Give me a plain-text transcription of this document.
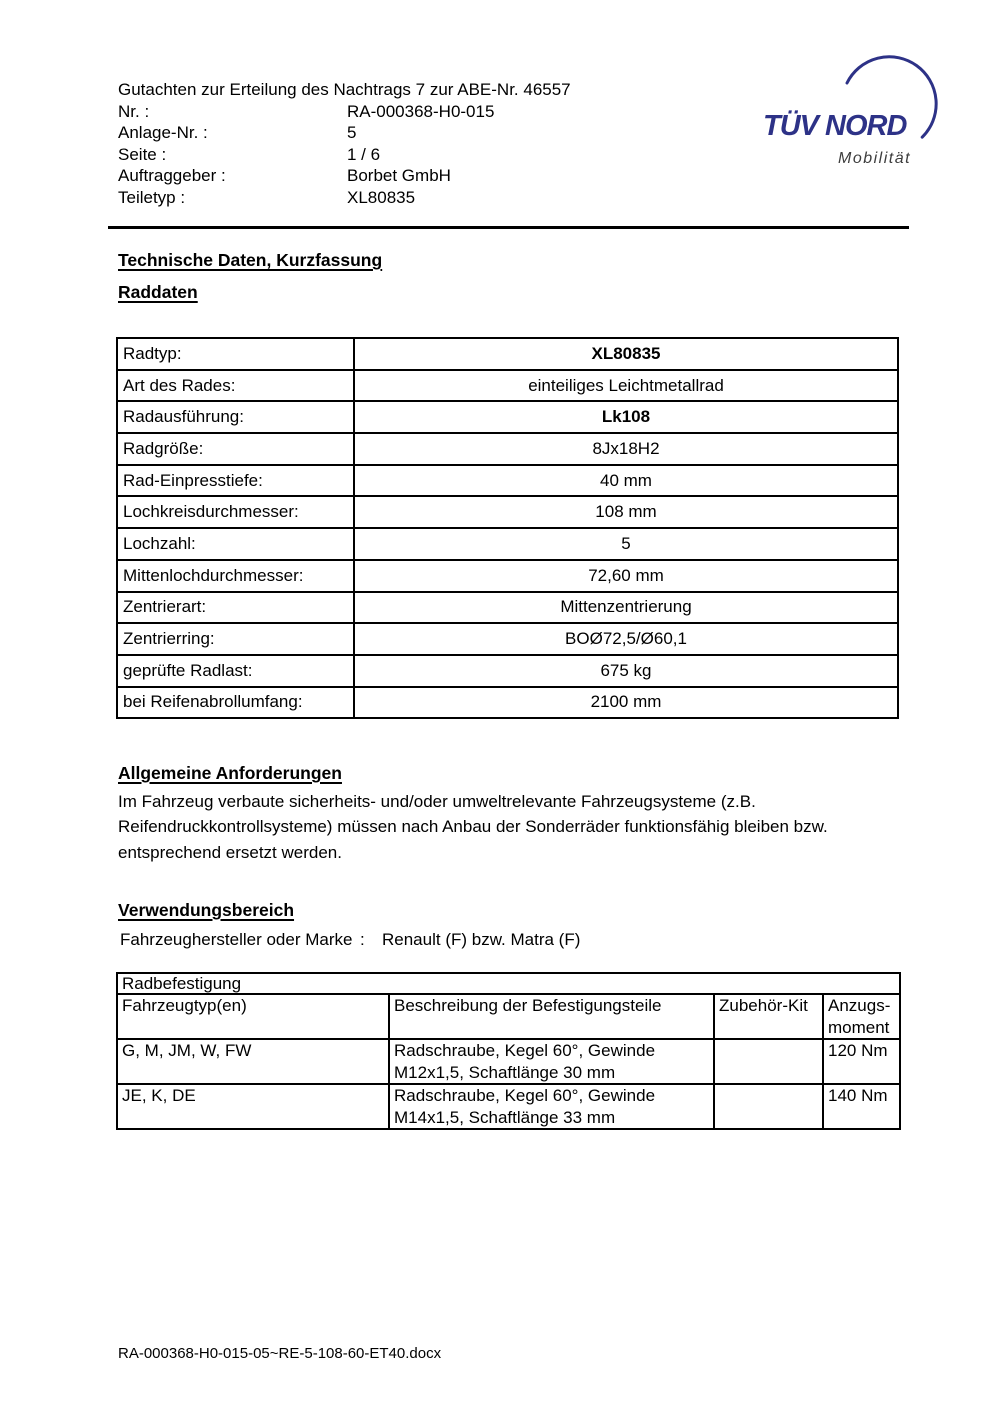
Gutachten zur Erteilung des Nachtrags 7 zur ABE-Nr. 46557
Nr. :	RA-000368-H0-015
Anlage-Nr. :	5
Seite :	1 / 6
Auftraggeber :	Borbet GmbH
Teiletyp :	XL80835
TÜV NORD
Mobilität
Technische Daten, Kurzfassung
Raddaten
Radtyp:	XL80835
Art des Rades:	einteiliges Leichtmetallrad
Radausführung:	Lk108
Radgröße:	8Jx18H2
Rad-Einpresstiefe:	40 mm
Lochkreisdurchmesser:	108 mm
Lochzahl:	5
Mittenlochdurchmesser:	72,60 mm
Zentrierart:	Mittenzentrierung
Zentrierring:	BOØ72,5/Ø60,1
geprüfte Radlast:	675 kg
bei Reifenabrollumfang:	2100 mm
Allgemeine Anforderungen
Im Fahrzeug verbaute sicherheits- und/oder umweltrelevante Fahrzeugsysteme (z.B. Reifendruckkontrollsysteme) müssen nach Anbau der Sonderräder funktionsfähig bleiben bzw. entsprechend ersetzt werden.
Verwendungsbereich
Fahrzeughersteller oder Marke : Renault (F) bzw. Matra (F)
Radbefestigung			
Fahrzeugtyp(en)	Beschreibung der Befestigungsteile	Zubehör-Kit	Anzugs-moment
G, M, JM, W, FW	Radschraube, Kegel 60°, Gewinde M12x1,5, Schaftlänge 30 mm		120 Nm
JE, K, DE	Radschraube, Kegel 60°, Gewinde M14x1,5, Schaftlänge 33 mm		140 Nm
RA-000368-H0-015-05~RE-5-108-60-ET40.docx
